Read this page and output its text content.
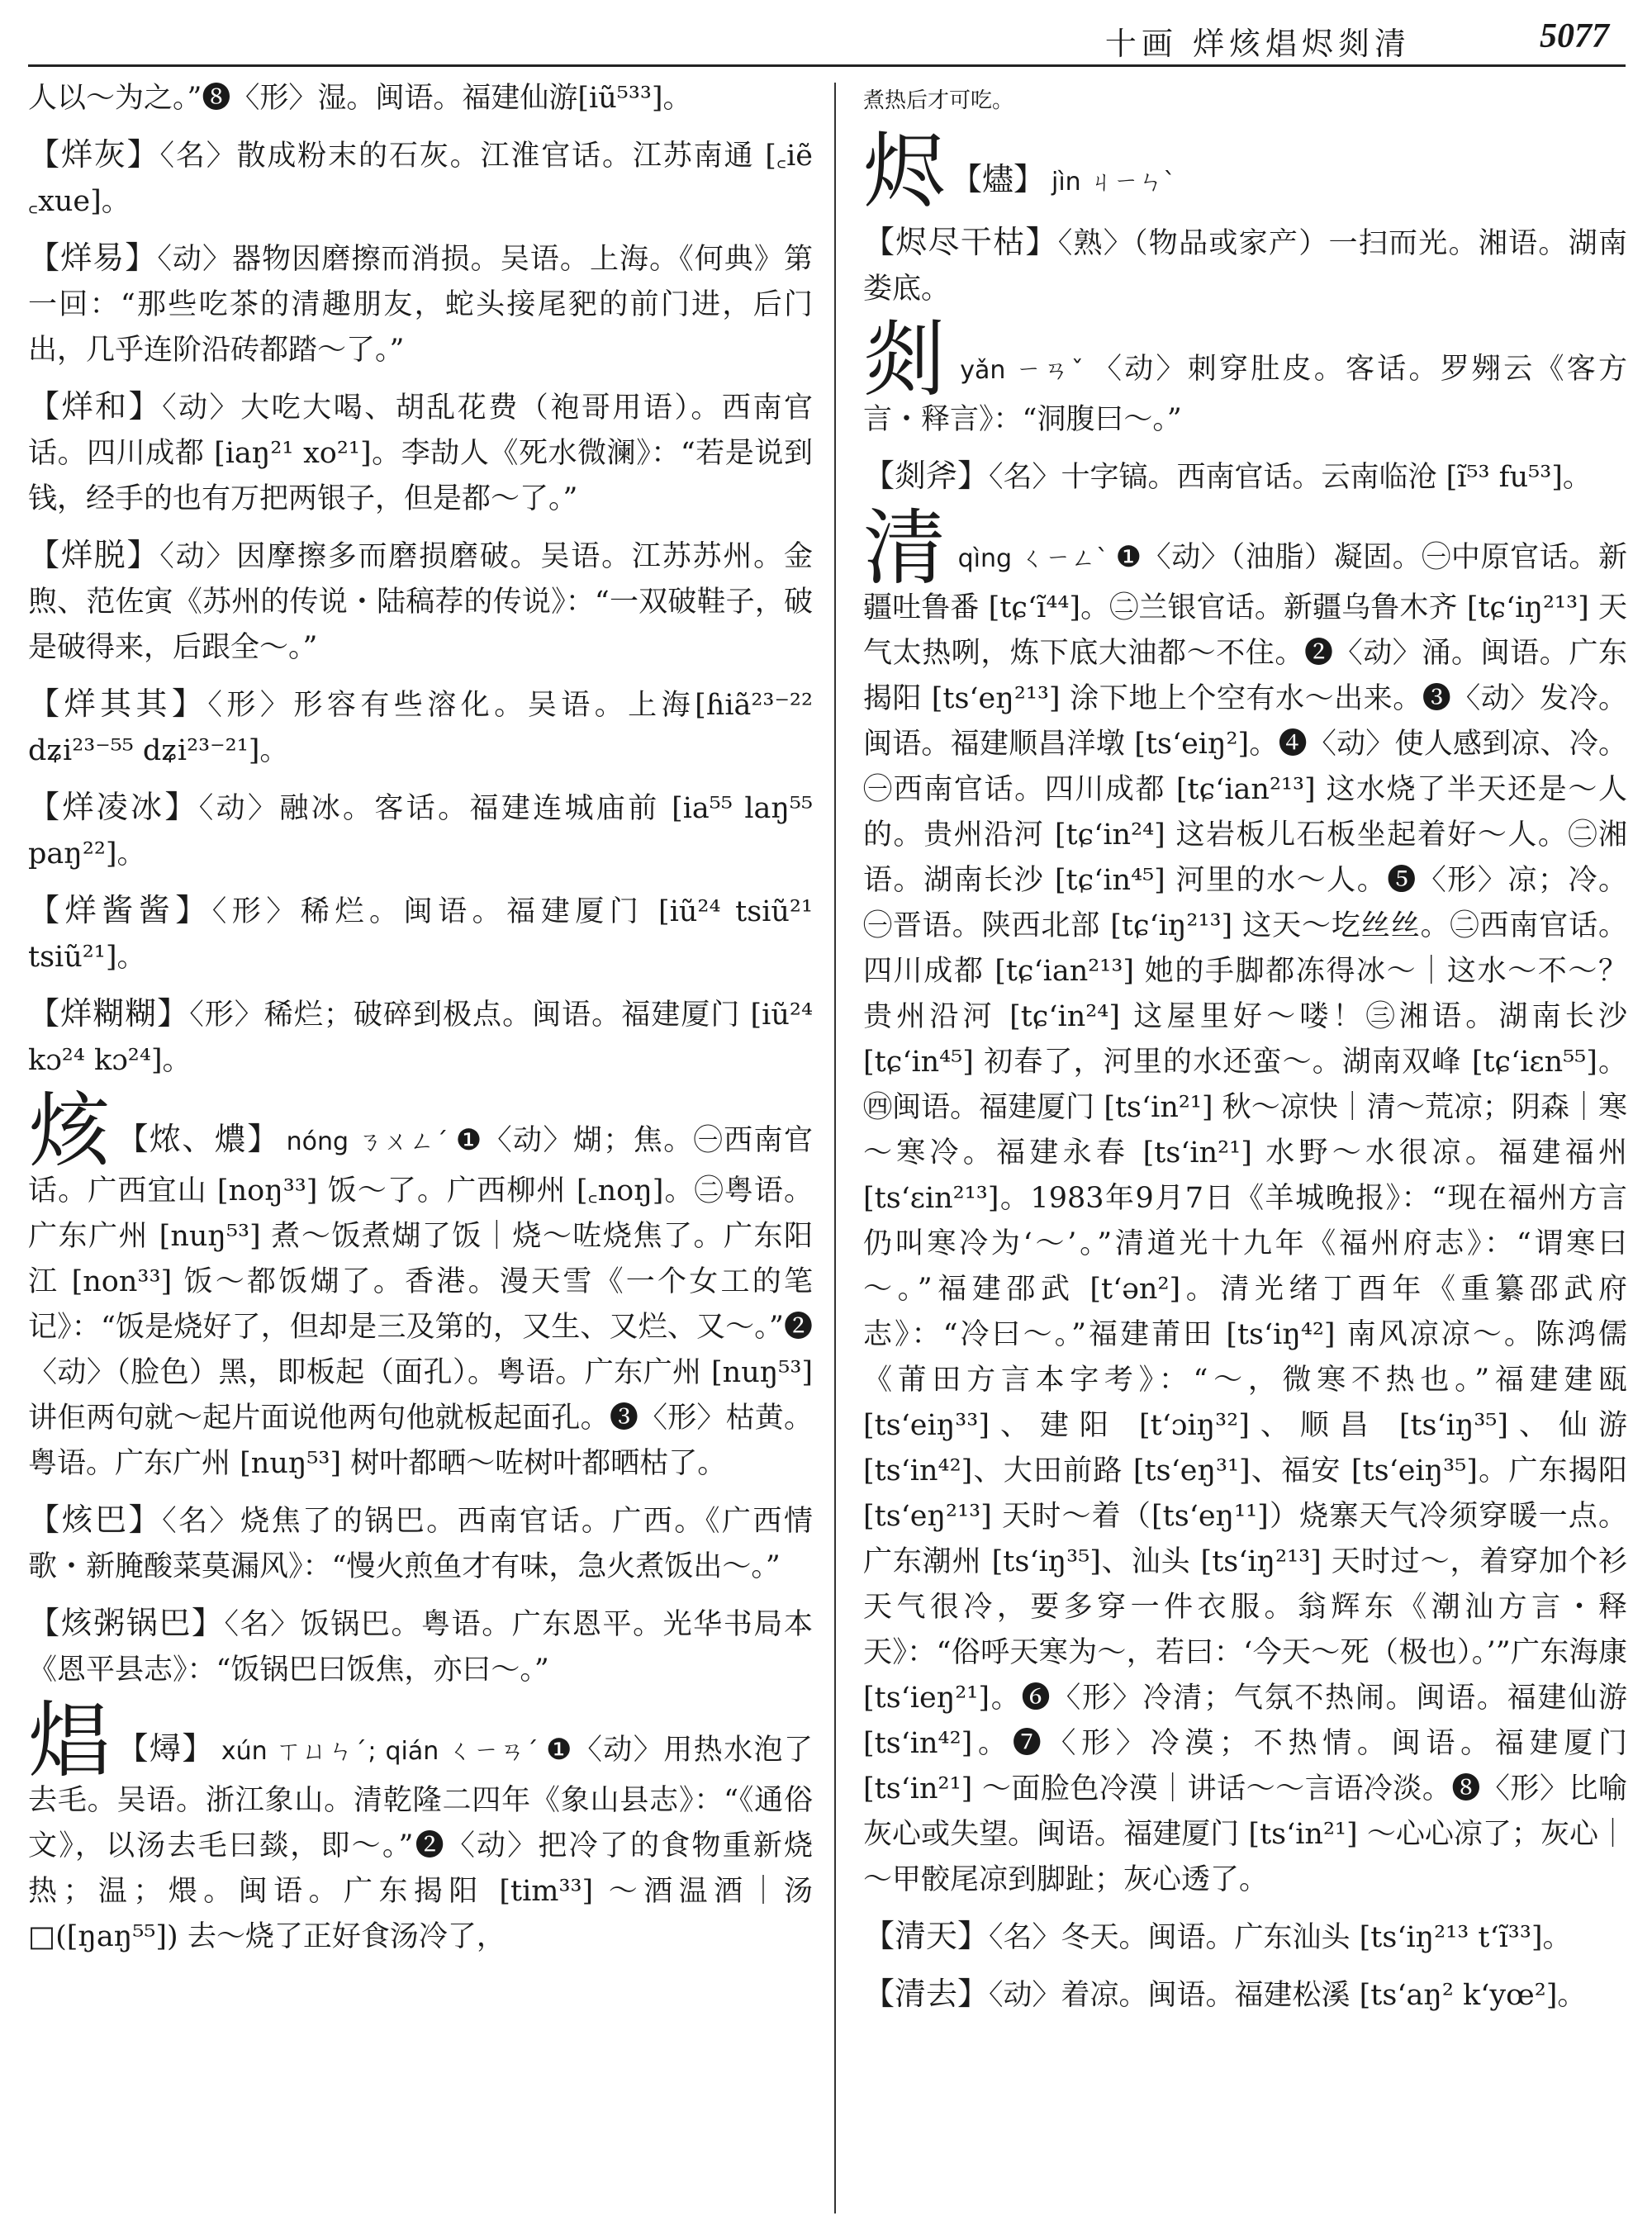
十画 烊烗焻烬剡清	5077

人以～为之。”❽〈形〉湿。闽语。福建仙游[iũ⁵³³]。

【烊灰】〈名〉散成粉末的石灰。江淮官话。江苏南通 [꜀iẽ ꜀xue]。

【烊易】〈动〉器物因磨擦而消损。吴语。上海。《何典》第一回：“那些吃茶的清趣朋友，蛇头接尾豝的前门进，后门出，几乎连阶沿砖都踏～了。”

【烊和】〈动〉大吃大喝、胡乱花费（袍哥用语）。西南官话。四川成都 [iaŋ²¹ xo²¹]。李劼人《死水微澜》：“若是说到钱，经手的也有万把两银子，但是都～了。”

【烊脱】〈动〉因摩擦多而磨损磨破。吴语。江苏苏州。金煦、范佐寅《苏州的传说・陆稿荐的传说》：“一双破鞋子，破是破得来，后跟全～。”

【烊其其】〈形〉形容有些溶化。吴语。上海[ɦiã²³⁻²² dʑi²³⁻⁵⁵ dʑi²³⁻²¹]。

【烊凌冰】〈动〉融冰。客话。福建连城庙前 [ia⁵⁵ laŋ⁵⁵ paŋ²²]。

【烊酱酱】〈形〉稀烂。闽语。福建厦门 [iũ²⁴ tsiũ²¹ tsiũ²¹]。

【烊糊糊】〈形〉稀烂；破碎到极点。闽语。福建厦门 [iũ²⁴ kɔ²⁴ kɔ²⁴]。

烗 【㶶、燶】 nóng ㄋㄨㄥˊ ❶〈动〉煳；焦。㊀西南官话。广西宜山 [noŋ³³] 饭～了。广西柳州 [꜀noŋ]。㊁粤语。广东广州 [nuŋ⁵³] 煮～饭煮煳了饭｜烧～咗烧焦了。广东阳江 [non³³] 饭～都饭煳了。香港。漫天雪《一个女工的笔记》：“饭是烧好了，但却是三及第的，又生、又烂、又～。”❷〈动〉（脸色）黑，即板起（面孔）。粤语。广东广州 [nuŋ⁵³] 讲佢两句就～起片面说他两句他就板起面孔。❸〈形〉枯黄。粤语。广东广州 [nuŋ⁵³] 树叶都晒～咗树叶都晒枯了。

【烗巴】〈名〉烧焦了的锅巴。西南官话。广西。《广西情歌・新腌酸菜莫漏风》：“慢火煎鱼才有味，急火煮饭出～。”

【烗粥锅巴】〈名〉饭锅巴。粤语。广东恩平。光华书局本《恩平县志》：“饭锅巴曰饭焦，亦曰～。”

焻 【燖】 xún ㄒㄩㄣˊ; qián ㄑㄧㄢˊ ❶〈动〉用热水泡了去毛。吴语。浙江象山。清乾隆二四年《象山县志》：“《通俗文》，以汤去毛曰燅，即～。”❷〈动〉把冷了的食物重新烧热；温；煨。闽语。广东揭阳 [tim³³] ～酒温酒｜汤□([ŋaŋ⁵⁵]) 去～烧了正好食汤冷了，

煮热后才可吃。

烬 【燼】 jìn ㄐㄧㄣˋ

【烬尽干枯】〈熟〉（物品或家产）一扫而光。湘语。湖南娄底。

剡yǎn ㄧㄢˇ 〈动〉刺穿肚皮。客话。罗翙云《客方言・释言》：“洞腹曰～。”

【剡斧】〈名〉十字镐。西南官话。云南临沧 [ĩ⁵³ fu⁵³]。

清qìng ㄑㄧㄥˋ ❶〈动〉（油脂）凝固。㊀中原官话。新疆吐鲁番 [tɕʻĩ⁴⁴]。㊁兰银官话。新疆乌鲁木齐 [tɕʻiŋ²¹³] 天气太热咧，炼下底大油都～不住。❷〈动〉涌。闽语。广东揭阳 [tsʻeŋ²¹³] 涂下地上个空有水～出来。❸〈动〉发冷。闽语。福建顺昌洋墩 [tsʻeiŋ²]。❹〈动〉使人感到凉、冷。㊀西南官话。四川成都 [tɕʻian²¹³] 这水烧了半天还是～人的。贵州沿河 [tɕʻin²⁴] 这岩板儿石板坐起着好～人。㊁湘语。湖南长沙 [tɕʻin⁴⁵] 河里的水～人。❺〈形〉凉；冷。㊀晋语。陕西北部 [tɕʻiŋ²¹³] 这天～圪丝丝。㊁西南官话。四川成都 [tɕʻian²¹³] 她的手脚都冻得冰～｜这水～不～？贵州沿河 [tɕʻin²⁴] 这屋里好～喽！㊂湘语。湖南长沙 [tɕʻin⁴⁵] 初春了，河里的水还蛮～。湖南双峰 [tɕʻiɛn⁵⁵]。㊃闽语。福建厦门 [tsʻin²¹] 秋～凉快｜清～荒凉；阴森｜寒～寒冷。福建永春 [tsʻin²¹] 水野～水很凉。福建福州 [tsʻɛin²¹³]。1983年9月7日《羊城晚报》：“现在福州方言仍叫寒冷为‘～’。”清道光十九年《福州府志》：“谓寒曰～。”福建邵武 [tʻən²]。清光绪丁酉年《重纂邵武府志》：“冷曰～。”福建莆田 [tsʻiŋ⁴²] 南风凉凉～。陈鸿儒《莆田方言本字考》：“～，微寒不热也。”福建建瓯 [tsʻeiŋ³³]、建阳 [tʻɔiŋ³²]、顺昌 [tsʻiŋ³⁵]、仙游 [tsʻin⁴²]、大田前路 [tsʻeŋ³¹]、福安 [tsʻeiŋ³⁵]。广东揭阳 [tsʻeŋ²¹³] 天时～着（[tsʻeŋ¹¹]）烧寨天气冷须穿暖一点。广东潮州 [tsʻiŋ³⁵]、汕头 [tsʻiŋ²¹³] 天时过～，着穿加个衫天气很冷，要多穿一件衣服。翁辉东《潮汕方言・释天》：“俗呼天寒为～，若曰：‘今天～死（极也）。’”广东海康 [tsʻieŋ²¹]。❻〈形〉冷清；气氛不热闹。闽语。福建仙游 [tsʻin⁴²]。❼〈形〉冷漠；不热情。闽语。福建厦门 [tsʻin²¹] ～面脸色冷漠｜讲话～～言语冷淡。❽〈形〉比喻灰心或失望。闽语。福建厦门 [tsʻin²¹] ～心心凉了；灰心｜～甲骹尾凉到脚趾；灰心透了。

【清天】〈名〉冬天。闽语。广东汕头 [tsʻiŋ²¹³ tʻĩ³³]。

【清去】〈动〉着凉。闽语。福建松溪 [tsʻaŋ² kʻyœ²]。
